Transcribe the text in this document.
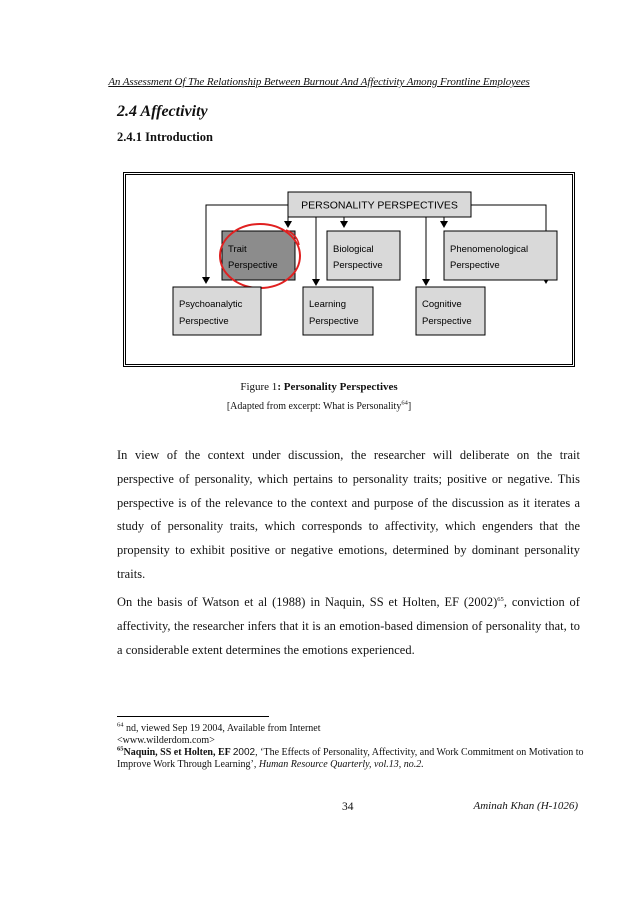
An Assessment Of The Relationship Between Burnout And Affectivity Among Frontline Employees
2.4 Affectivity
2.4.1 Introduction
PERSONALITY PERSPECTIVES
Trait
Perspective
Biological
Perspective
Phenomenological
Perspective
Psychoanalytic
Perspective
Learning
Perspective
Cognitive
Perspective
Figure 1: Personality Perspectives
[Adapted from excerpt: What is Personality$^{64}$]

In view of the context under discussion, the researcher will deliberate on the trait perspective of personality, which pertains to personality traits; positive or negative. This perspective is of the relevance to the context and purpose of the discussion as it iterates a study of personality traits, which corresponds to affectivity, which engenders that the propensity to exhibit positive or negative emotions, determined by dominant personality traits.

On the basis of Watson et al (1988) in Naquin, SS et Holten, EF $(2002)^{65}$, conviction of affectivity, the researcher infers that it is an emotion-based dimension of personality that, to a considerable extent determines the emotions experienced.

$^{64}$ nd, viewed Sep 19 2004, Available from Internet
<www.wilderdom.com>
$^{65}$Naquin, SS et Holten, EF 2002, ‘The Effects of Personality, Affectivity, and Work Commitment on Motivation to Improve Work Through Learning’, Human Resource Quarterly, vol.13, no.2.
34	Aminah Khan (H-1026)
